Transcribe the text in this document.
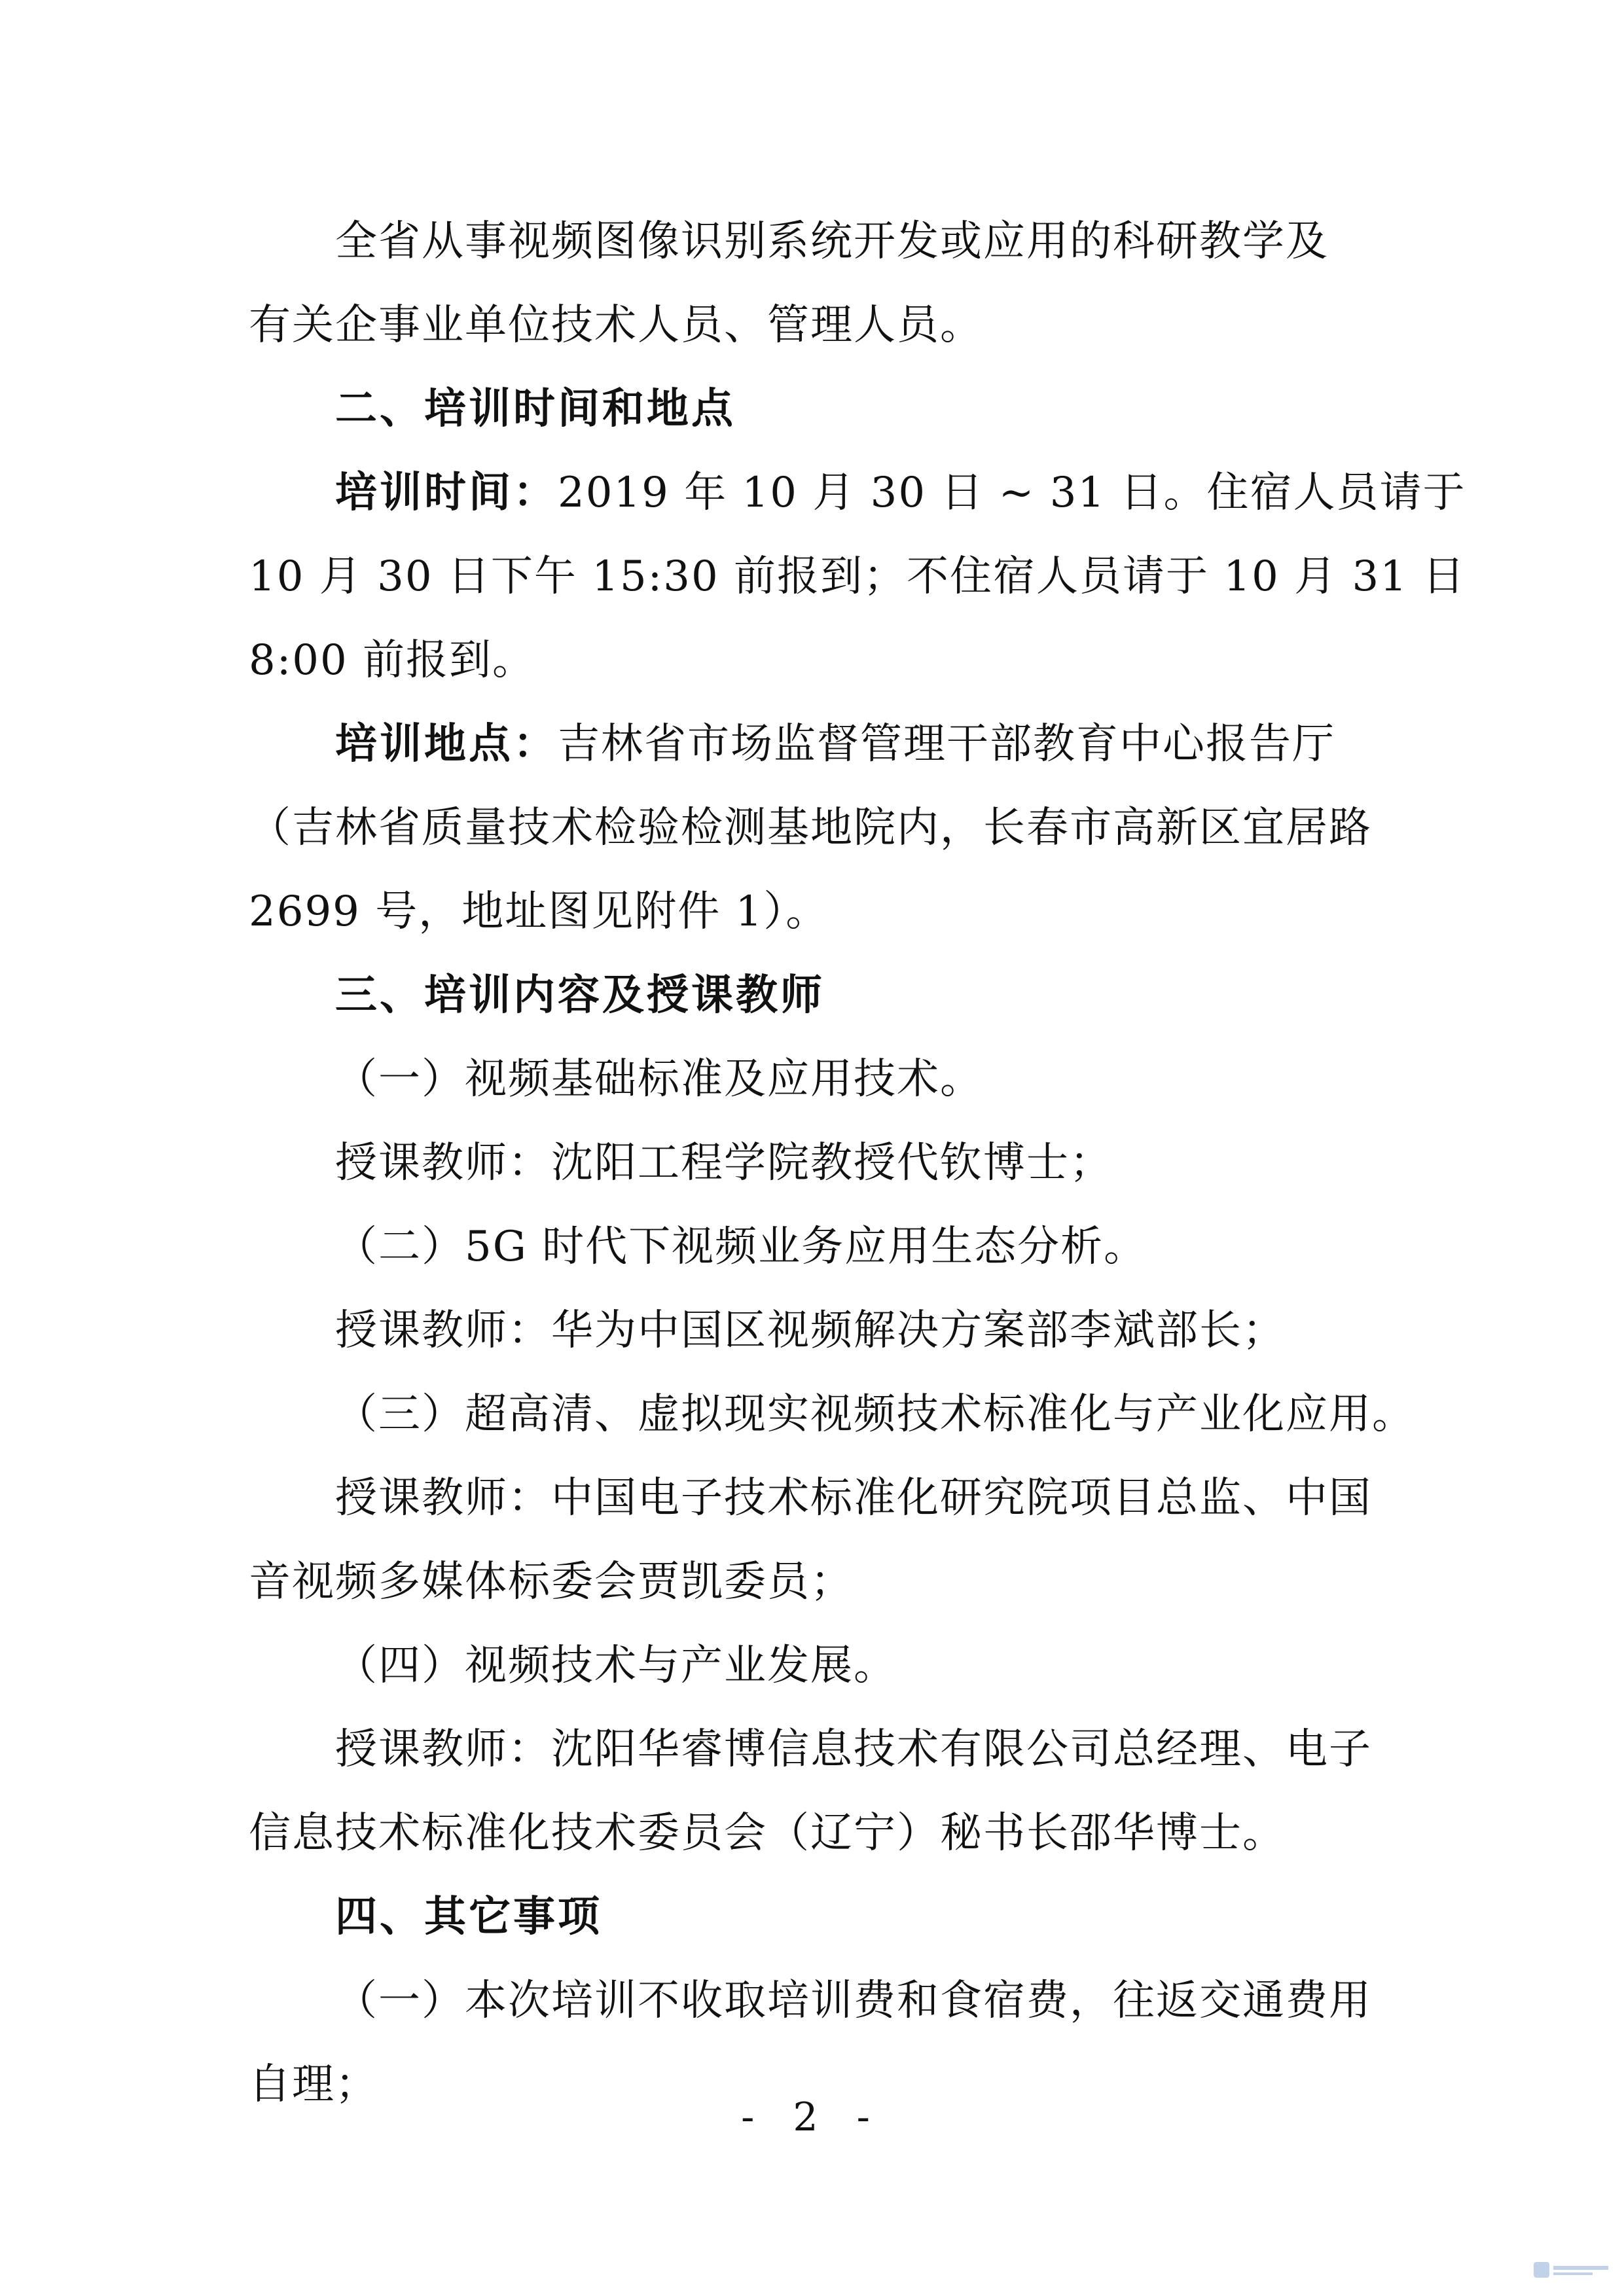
全省从事视频图像识别系统开发或应用的科研教学及
有关企事业单位技术人员、管理人员。
二、培训时间和地点
培训时间：2019 年 10 月 30 日 ~ 31 日。住宿人员请于
10 月 30 日下午 15:30 前报到；不住宿人员请于 10 月 31 日
8:00 前报到。
培训地点：吉林省市场监督管理干部教育中心报告厅
（吉林省质量技术检验检测基地院内，长春市高新区宜居路
2699 号，地址图见附件 1）。
三、培训内容及授课教师
（一）视频基础标准及应用技术。
授课教师：沈阳工程学院教授代钦博士；
（二）5G 时代下视频业务应用生态分析。
授课教师：华为中国区视频解决方案部李斌部长；
（三）超高清、虚拟现实视频技术标准化与产业化应用。
授课教师：中国电子技术标准化研究院项目总监、中国
音视频多媒体标委会贾凯委员；
（四）视频技术与产业发展。
授课教师：沈阳华睿博信息技术有限公司总经理、电子
信息技术标准化技术委员会（辽宁）秘书长邵华博士。
四、其它事项
（一）本次培训不收取培训费和食宿费，往返交通费用
自理；
- 2 -
